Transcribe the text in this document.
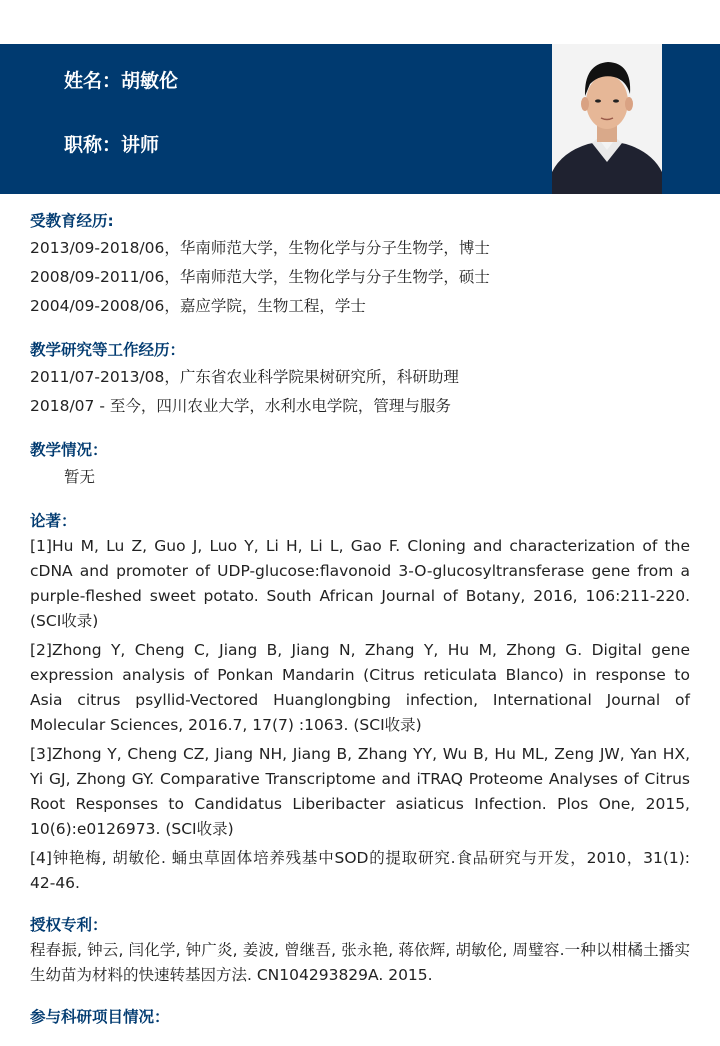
姓名：胡敏伦
职称：讲师
受教育经历:
2013/09-2018/06，华南师范大学，生物化学与分子生物学，博士
2008/09-2011/06，华南师范大学，生物化学与分子生物学，硕士
2004/09-2008/06，嘉应学院，生物工程，学士
教学研究等工作经历：
2011/07-2013/08，广东省农业科学院果树研究所，科研助理
2018/07 - 至今，四川农业大学，水利水电学院，管理与服务
教学情况：
暂无
论著：
[1]Hu M, Lu Z, Guo J, Luo Y, Li H, Li L, Gao F. Cloning and characterization of the cDNA and promoter of UDP-glucose:flavonoid 3-O-glucosyltransferase gene from a purple-fleshed sweet potato. South African Journal of Botany, 2016, 106:211-220. (SCI收录)
[2]Zhong Y, Cheng C, Jiang B, Jiang N, Zhang Y, Hu M, Zhong G. Digital gene expression analysis of Ponkan Mandarin (Citrus reticulata Blanco) in response to Asia citrus psyllid-Vectored Huanglongbing infection, International Journal of Molecular Sciences, 2016.7, 17(7) :1063. (SCI收录)
[3]Zhong Y, Cheng CZ, Jiang NH, Jiang B, Zhang YY, Wu B, Hu ML, Zeng JW, Yan HX, Yi GJ, Zhong GY. Comparative Transcriptome and iTRAQ Proteome Analyses of Citrus Root Responses to Candidatus Liberibacter asiaticus Infection. Plos One, 2015, 10(6):e0126973. (SCI收录)
[4]钟艳梅, 胡敏伦. 蛹虫草固体培养残基中SOD的提取研究.食品研究与开发，2010，31(1): 42-46.
授权专利：
程春振, 钟云, 闫化学, 钟广炎, 姜波, 曾继吾, 张永艳, 蒋依辉, 胡敏伦, 周璧容.一种以柑橘土播实生幼苗为材料的快速转基因方法. CN104293829A. 2015.
参与科研项目情况：
